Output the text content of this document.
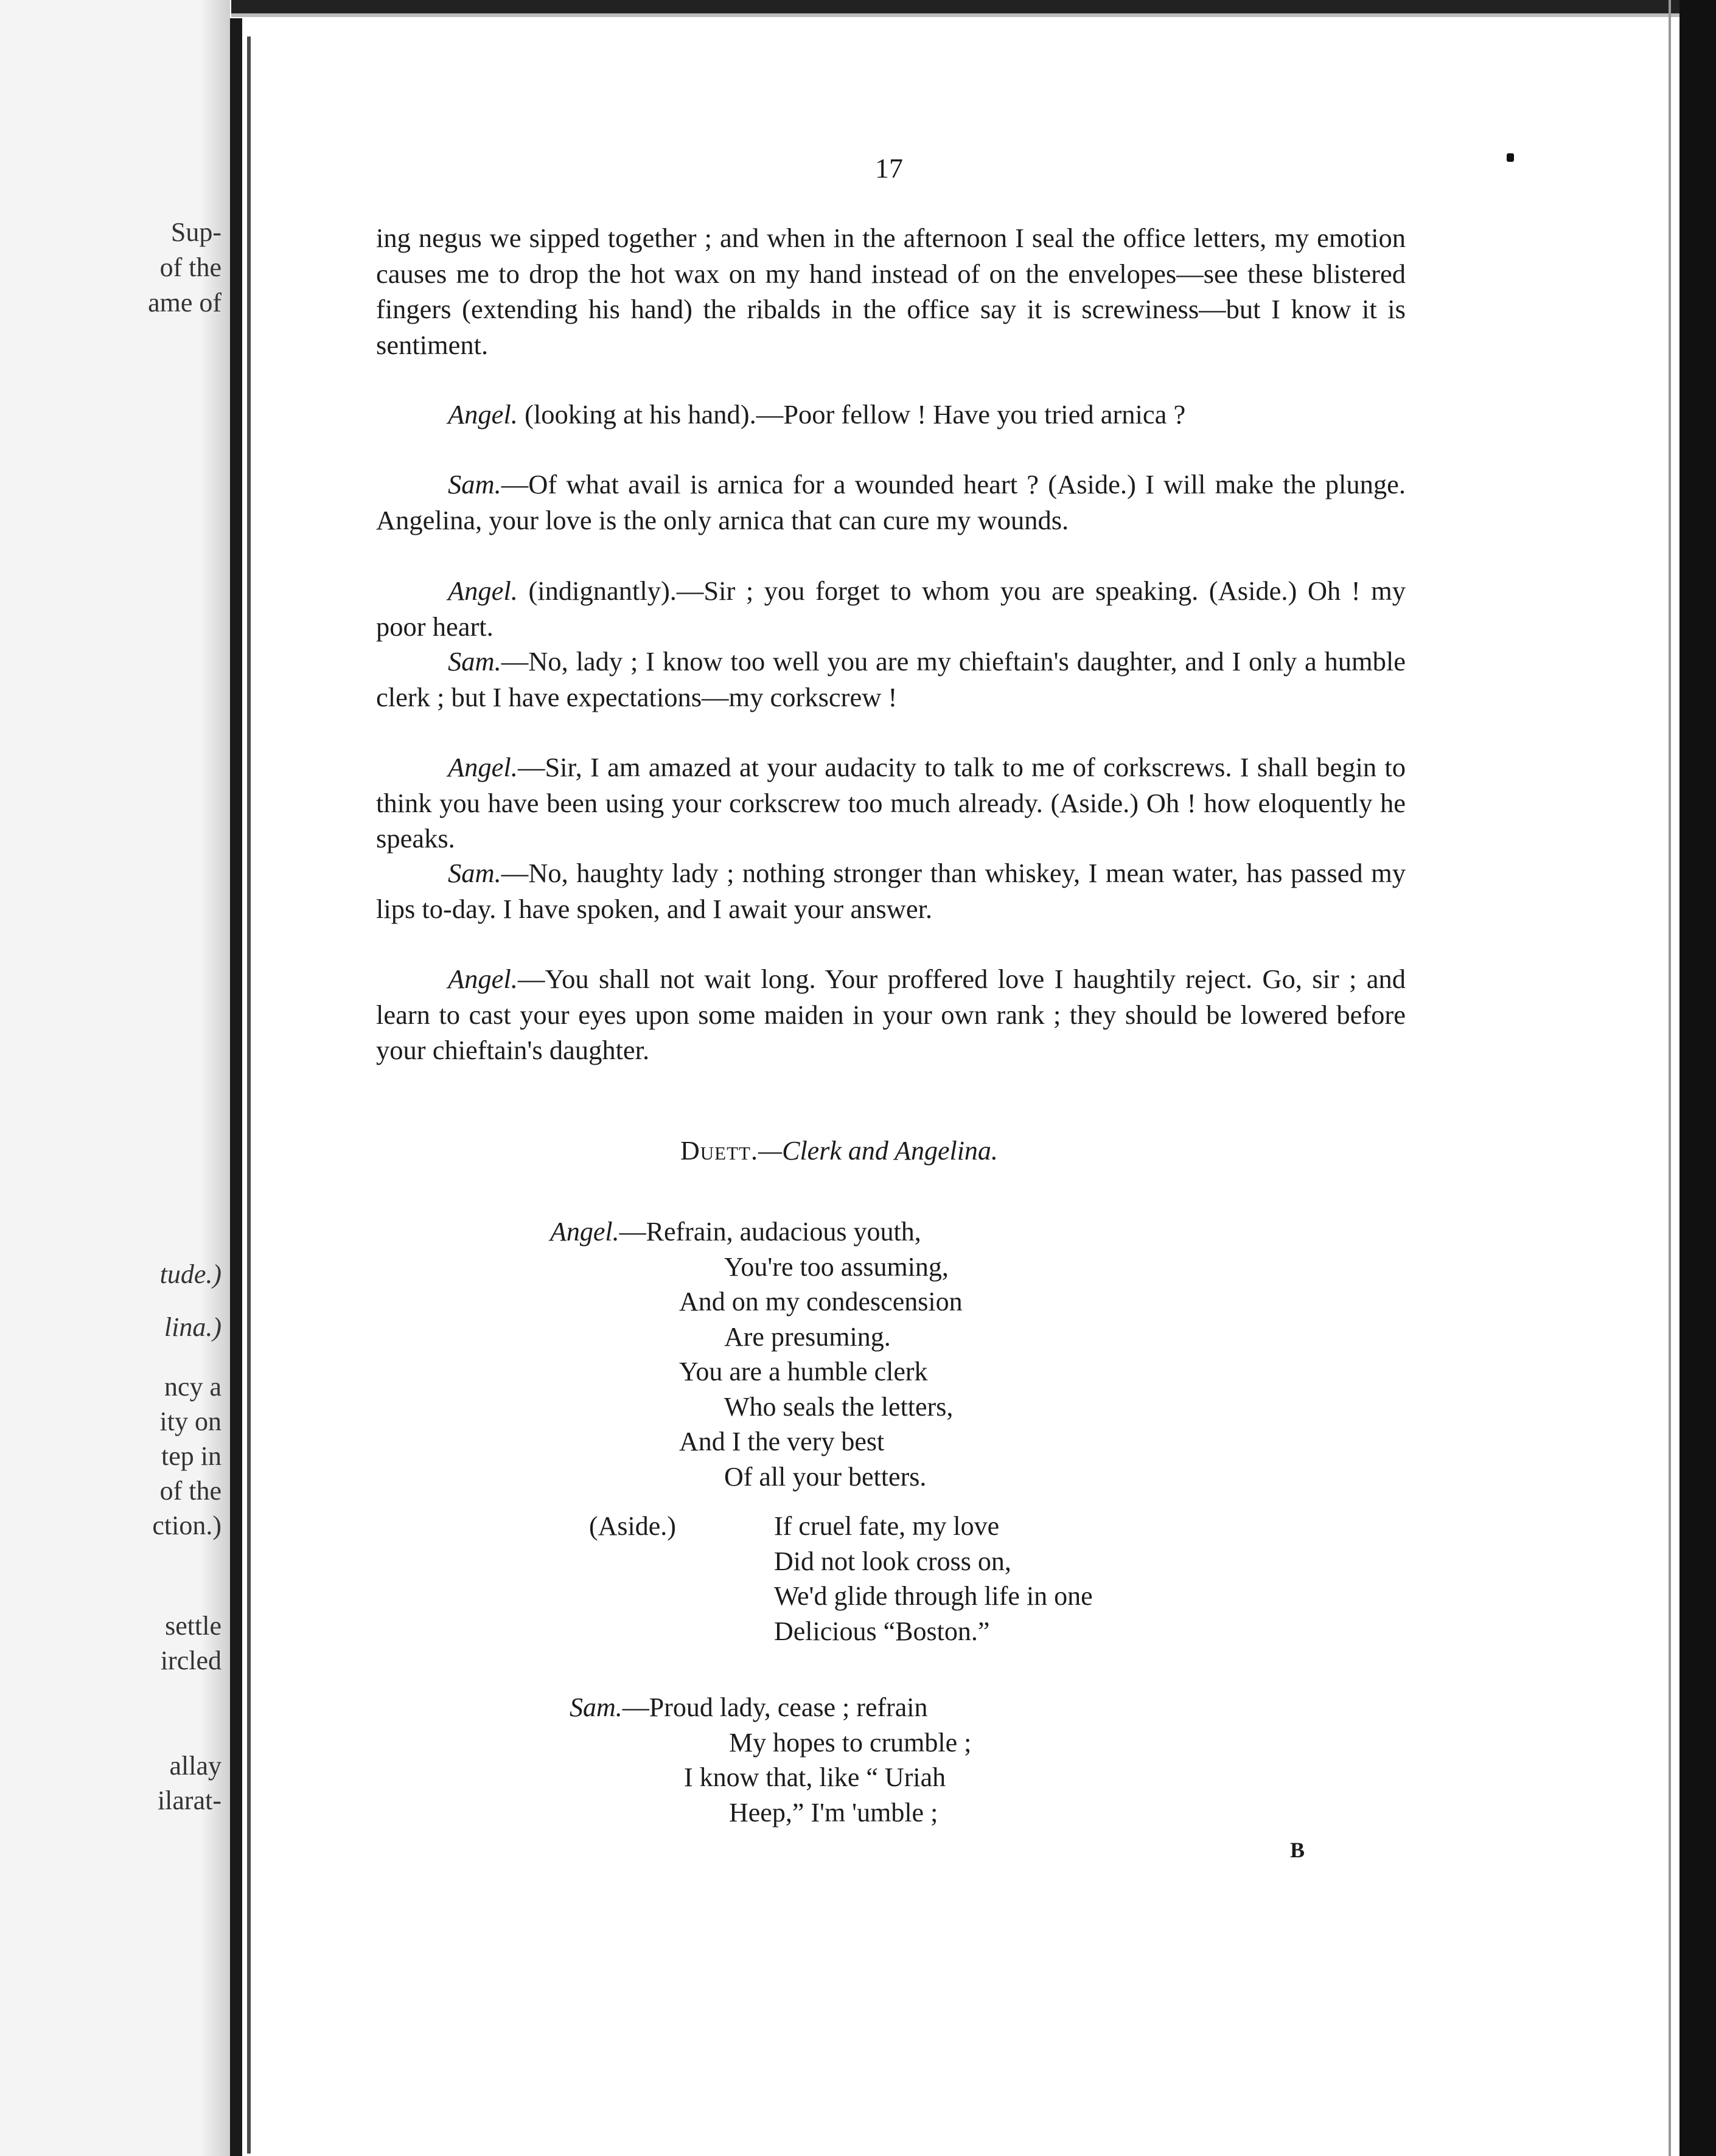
Sup-
of the
ame of
tude.)
lina.)
ncy a
ity on
tep in
of the
ction.)
settle
ircled
allay
ilarat-
17

ing negus we sipped together ; and when in the afternoon I seal the office letters, my emotion causes me to drop the hot wax on my hand instead of on the envelopes—see these blistered fingers (extending his hand) the ribalds in the office say it is screwiness—but I know it is sentiment.

Angel. (looking at his hand).—Poor fellow ! Have you tried arnica ?

Sam.—Of what avail is arnica for a wounded heart ? (Aside.) I will make the plunge. Angelina, your love is the only arnica that can cure my wounds.

Angel. (indignantly).—Sir ; you forget to whom you are speaking. (Aside.) Oh ! my poor heart.

Sam.—No, lady ; I know too well you are my chieftain's daughter, and I only a humble clerk ; but I have expectations—my corkscrew !

Angel.—Sir, I am amazed at your audacity to talk to me of corkscrews. I shall begin to think you have been using your corkscrew too much already. (Aside.) Oh ! how eloquently he speaks.

Sam.—No, haughty lady ; nothing stronger than whiskey, I mean water, has passed my lips to-day. I have spoken, and I await your answer.

Angel.—You shall not wait long. Your proffered love I haughtily reject. Go, sir ; and learn to cast your eyes upon some maiden in your own rank ; they should be lowered before your chieftain's daughter.

Duett.—Clerk and Angelina.
Angel.—Refrain, audacious youth,
You're too assuming,
And on my condescension
Are presuming.
You are a humble clerk
Who seals the letters,
And I the very best
Of all your betters.
(Aside.)	If cruel fate, my love
Did not look cross on,
We'd glide through life in one
Delicious “Boston.”
Sam.—Proud lady, cease ; refrain
My hopes to crumble ;
I know that, like “ Uriah
Heep,” I'm 'umble ;
B
